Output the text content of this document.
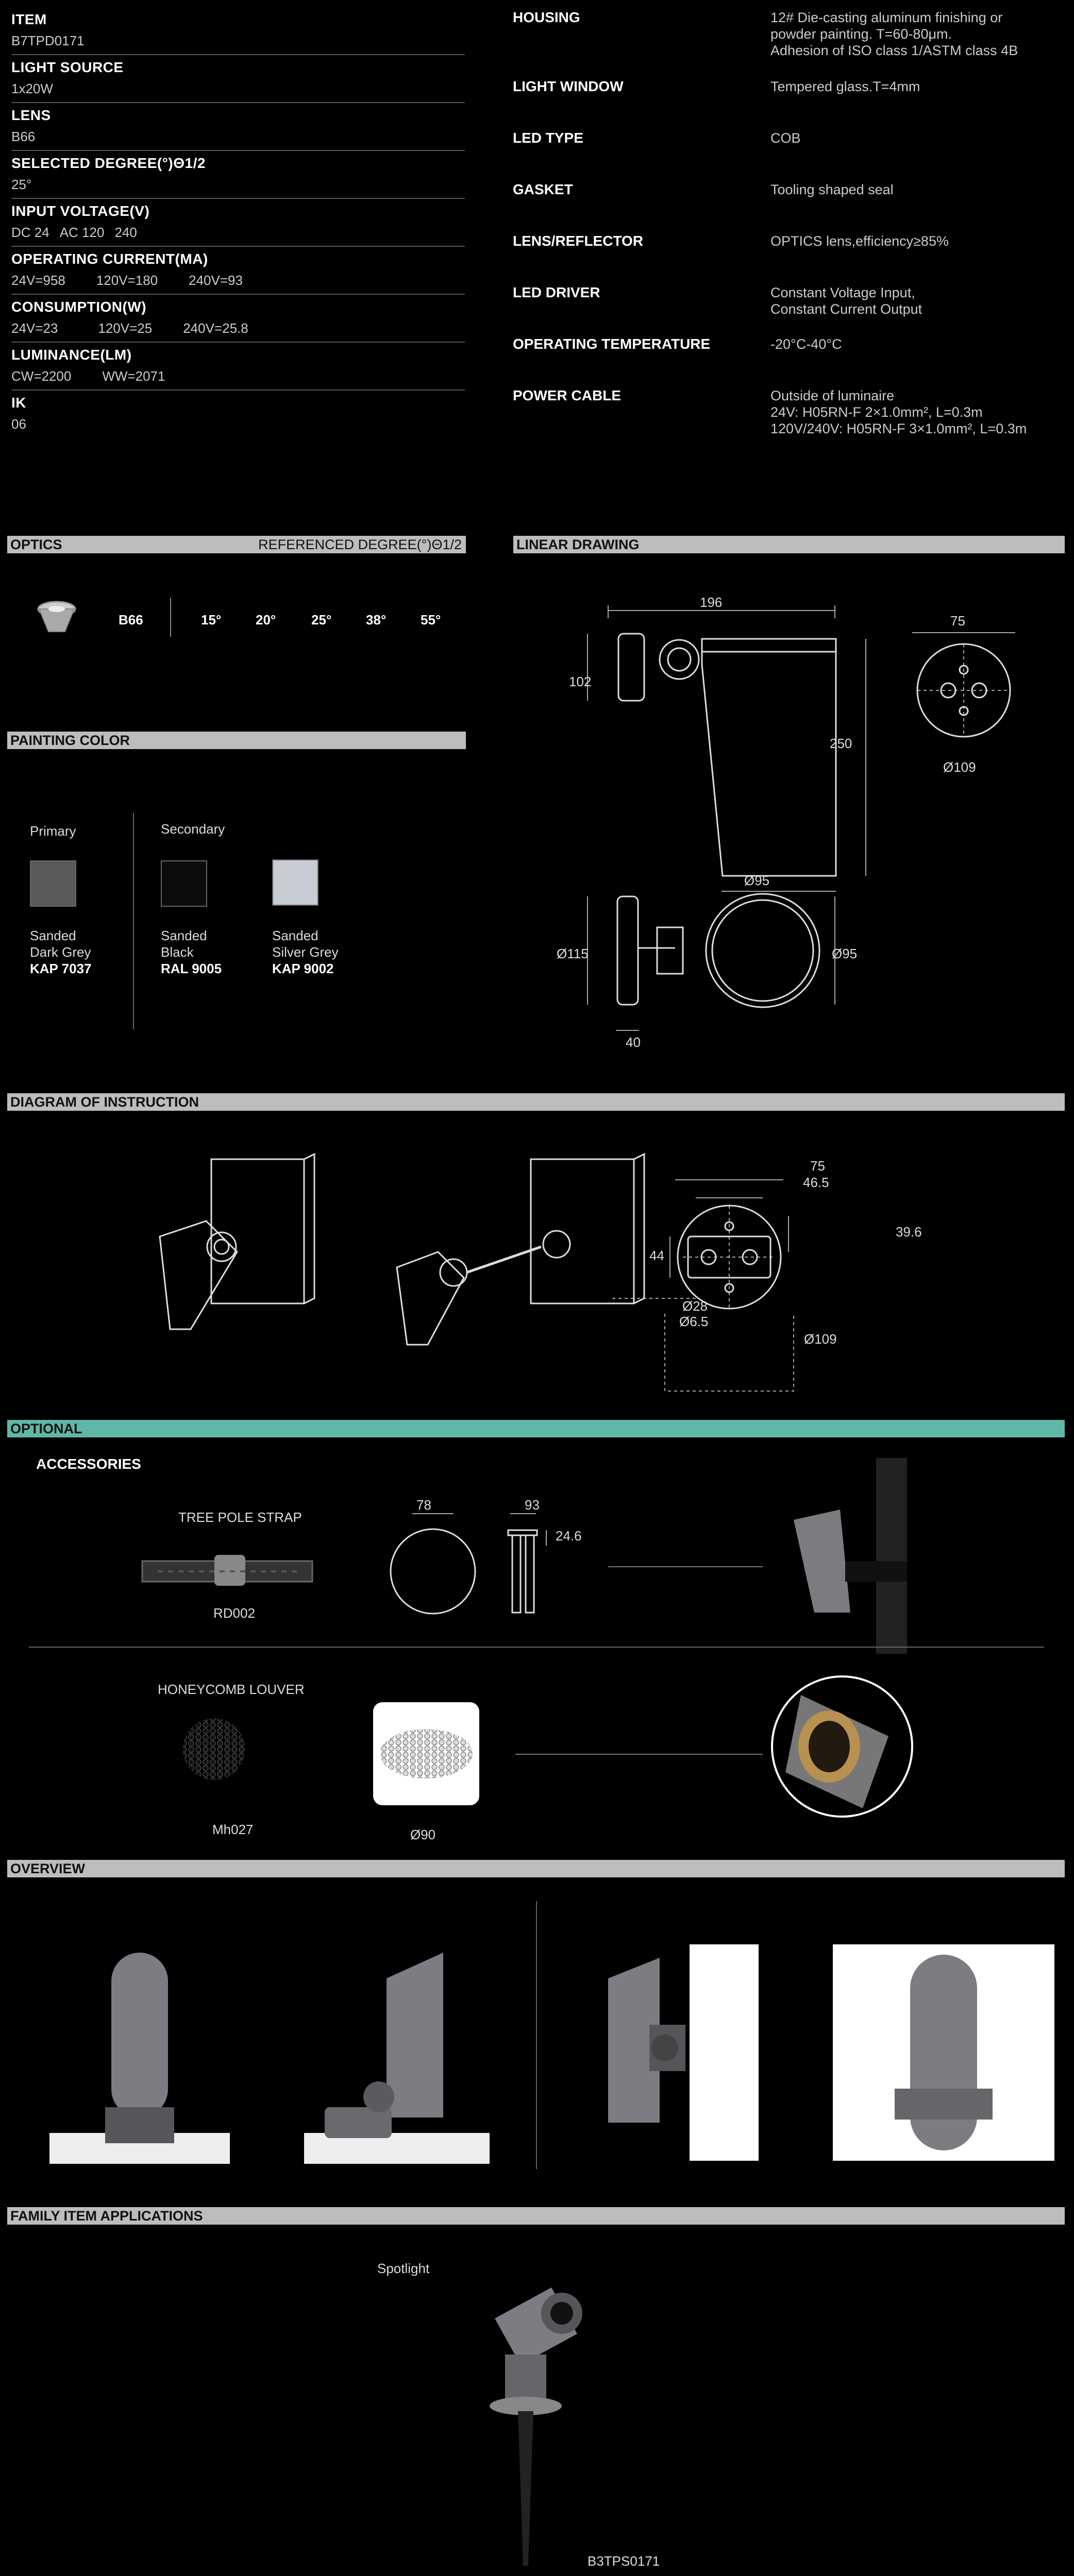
ITEM
B7TPD0171
LIGHT SOURCE
1x20W
LENS
B66
SELECTED DEGREE(°)Θ1/2
25°
INPUT VOLTAGE(V)
DC 24 AC 120 240
OPERATING CURRENT(MA)
24V=958 120V=180 240V=93
CONSUMPTION(W)
24V=23	120V=25 240V=25.8
LUMINANCE(LM)
CW=2200 WW=2071
IK
06
HOUSING	12# Die-casting aluminum finishing or
powder painting. T=60-80μm.
Adhesion of ISO class 1/ASTM class 4B
LIGHT WINDOW	Tempered glass.T=4mm
LED TYPE	COB
GASKET	Tooling shaped seal
LENS/REFLECTOR	OPTICS lens,efficiency≥85%
LED DRIVER	Constant Voltage Input,
Constant Current Output
OPERATING TEMPERATURE	-20°C-40°C
POWER CABLE	Outside of luminaire
24V: H05RN-F 2×1.0mm², L=0.3m
120V/240V: H05RN-F 3×1.0mm², L=0.3m
OPTICS	REFERENCED DEGREE(°)Θ1/2
B66	15°	20°	25°	38°	55°
PAINTING COLOR
Primary	Secondary
Sanded
Dark Grey
KAP 7037
Sanded
Black
RAL 9005
Sanded
Silver Grey
KAP 9002
LINEAR DRAWING
196
102
250
Ø95
75
Ø109
Ø115	Ø95
40
DIAGRAM OF INSTRUCTION
75
46.5
44
39.6
Ø28
Ø6.5
Ø109
OPTIONAL
ACCESSORIES
TREE POLE STRAP
RD002
78	93
24.6
HONEYCOMB LOUVER
Mh027	Ø90
OVERVIEW
FAMILY ITEM APPLICATIONS
Spotlight
B3TPS0171
